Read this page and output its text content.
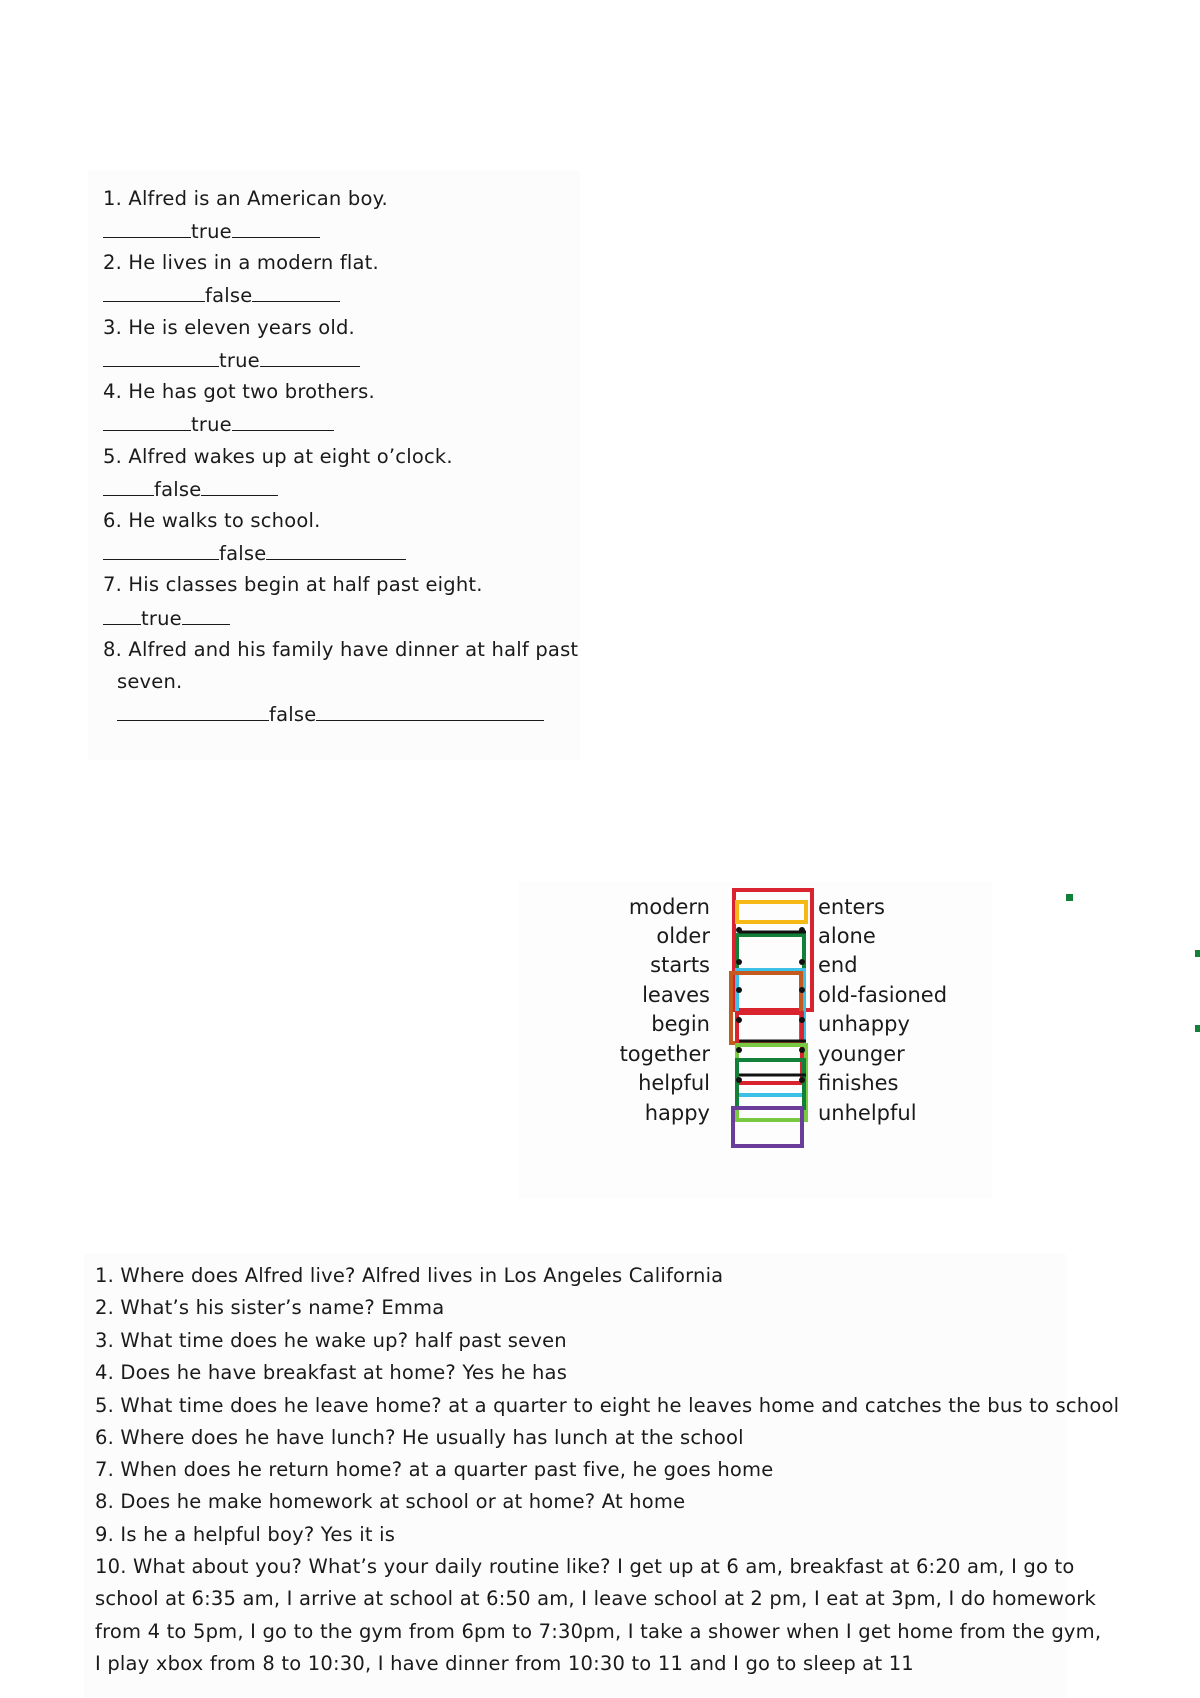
1. Alfred is an American boy.
true
2. He lives in a modern flat.
false
3. He is eleven years old.
true
4. He has got two brothers.
true
5. Alfred wakes up at eight o’clock.
false
6. He walks to school.
false
7. His classes begin at half past eight.
true
8. Alfred and his family have dinner at half past
seven.
false
modern
older
starts
leaves
begin
together
helpful
happy
enters
alone
end
old-fasioned
unhappy
younger
finishes
unhelpful
1. Where does Alfred live? Alfred lives in Los Angeles California
2. What’s his sister’s name? Emma
3. What time does he wake up? half past seven
4. Does he have breakfast at home? Yes he has
5. What time does he leave home? at a quarter to eight he leaves home and catches the bus to school
6. Where does he have lunch? He usually has lunch at the school
7. When does he return home? at a quarter past five, he goes home
8. Does he make homework at school or at home? At home
9. Is he a helpful boy? Yes it is
10. What about you? What’s your daily routine like? I get up at 6 am, breakfast at 6:20 am, I go to
school at 6:35 am, I arrive at school at 6:50 am, I leave school at 2 pm, I eat at 3pm, I do homework
from 4 to 5pm, I go to the gym from 6pm to 7:30pm, I take a shower when I get home from the gym,
I play xbox from 8 to 10:30, I have dinner from 10:30 to 11 and I go to sleep at 11
